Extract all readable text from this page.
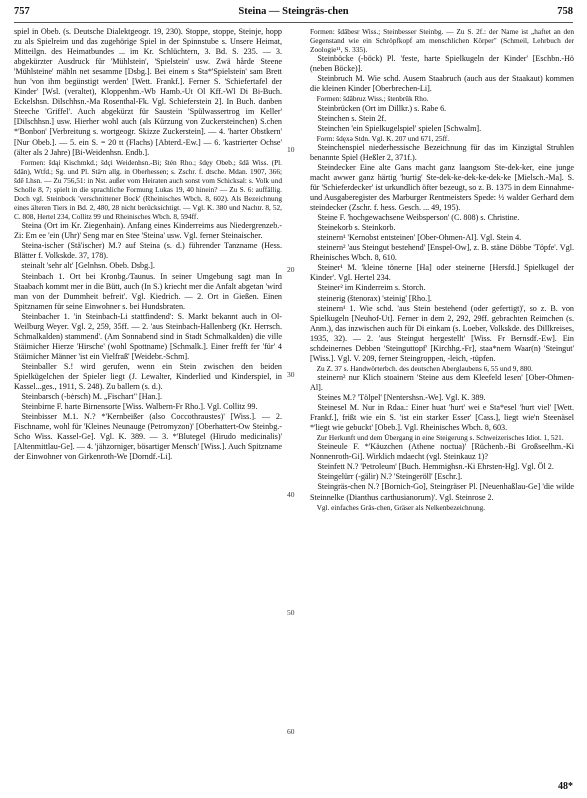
757	Steina — Steingräs-chen	758

spiel in Obeb. (s. Deutsche Dialektgeogr. 19, 230). Stoppe, stoppe, Steinje, hopp zu als Spielreim und das zugehörige Spiel in der Spinnstube s. Unsere Heimat, Mitteilgn. des Heimatbundes ... im Kr. Schlüchtern, 3. Bd. S. 235. — 3. abgekürzter Ausdruck für 'Mühlstein', 'Spielstein' usw. Zwä hårde Steene 'Mühlsteine' mähln net sesamme [Dsbg.]. Bei einem s Sta*'Spielstein' sam Brett hun 'von ihm begünstigt werden' [Wett. Frankf.]. Ferner S. 'Schiefertafel der Kinder' [Wsl. (veraltet), Kloppenhm.-Wb Hamb.-Ut Ol Kff.-Wl Di Bi-Buch. Eckelshsn. Dilschhsn.-Ma Rosenthal-Fk. Vgl. Schieferstein 2]. In Buch. danben Steeche 'Griffel'. Auch abgekürzt für Saustein 'Spülwassertrog im Keller' [Dilschhsn.] usw. Hierher wohl auch (als Kürzung von Zuckersteinchen) S.chen *'Bonbon' [Verbreitung s. wortgeogr. Skizze Zuckerstein]. — 4. 'harter Obstkern' [Nur Obeb.]. — 5. ein S. = 20 tt (Flachs) [Abterd.-Ew.] — 6. 'kastrierter Ochse' (älter als 2 Jahre) [Bi-Weidenhsn. Endb.].

Formen: šdąi Kischmkd.; šdçi Weidenhsn.-Bi; štén Rho.; šdęy Obeb.; šdā Wiss. (Pl. šdān), Wtfd.; Sg. und Pl. Stäᵉn allg. in Oberhessen; s. Zschr. f. dtsche. Mdan. 1907, 366; šdē Lhsn. — Zu 756,51: in Nst. außer vom Heiraten auch sonst vom Schicksal: s. Volk und Scholle 8, 7; spielt in die sprachliche Formung Lukas 19, 40 hinein? — Zu S. 6: auffällig. Doch vgl. Steinbock 'verschnittener Bock' (Rheinisches Wbch. 8, 602). Als Bezeichnung eines älteren Tiers in Bd. 2, 480, 28 nicht berücksichtigt. — Vgl. K. 380 und Nachtr. 8, 52, C. 808, Hertel 234, Collitz 99 und Rheinisches Wbch. 8, 594ff.

Steina (Ort im Kr. Ziegenhain). Anfang eines Kinderreims aus Niedergrenzeb.-Zi: Em ee 'ein (Uhr)' Seng mar en Stee 'Steina' usw. Vgl. ferner Steinaischer.

Steina-ischer (Stä'ischer) M.? auf Steina (s. d.) führender Tanzname (Hess. Blätter f. Volkskde. 37, 178).

steinalt 'sehr alt' [Gelnhsn. Obeb. Dsbg.].

Steinbach 1. Ort bei Kronbg./Taunus. In seiner Umgebung sagt man In Staabach kommt mer in die Bütt, auch (In S.) kriecht mer die Anfalt abgetan 'wird man von der Dummheit befreit'. Vgl. Kiedrich. — 2. Ort in Gießen. Einen Spitznamen für seine Einwohner s. bei Hundsbraten.

Steinbacher 1. 'in Steinbach-Li stattfindend': S. Markt bekannt auch in Ol-Weilburg Weyer. Vgl. 2, 259, 35ff. — 2. 'aus Steinbach-Hallenberg (Kr. Herrsch. Schmalkalden) stammend'. (Am Sonnabend sind in Stadt Schmalkalden) die ville Stäimicher Hierze 'Hirsche' (wohl Spottname) [Schmalk.]. Einer frefft fer 'für' 4 Stäimicher Männer 'ist ein Vielfraß' [Weidebr.-Schm].

Steinballer S.! wird gerufen, wenn ein Stein zwischen den beiden Spielkügelchen der Spieler liegt (J. Lewalter, Kinderlied und Kinderspiel, in Kassel...ges., 1911, S. 248). Zu ballern (s. d.).

Steinbarsch (-bėrsch) M. „Fischart" [Han.].

Steinbirne F. harte Birnensorte [Wiss. Walbern-Fr Rho.]. Vgl. Collitz 99.

Steinbisser M.1. N.? *'Kernbeißer (also Coccothraustes)' [Wiss.]. — 2. Fischname, wohl für 'Kleines Neunauge (Petromyzon)' [Oberhattert-Ow Steinbg.-Scho Wiss. Kassel-Ge]. Vgl. K. 389. — 3. *'Blutegel (Hirudo medicinalis)' [Altenmittlau-Ge]. — 4. 'jähzorniger, bösartiger Mensch' [Wiss.]. Auch Spitzname der Einwohner von Girkenroth-We [Dorndf.-Li].

Formen: šdâbesr Wiss.; Steinbesser Steinbg. — Zu S. 2f.: der Name ist „haftet an den Gegenstand wie ein Schröpfkopf am menschlichen Körper" (Schmeil, Lehrbuch der Zoologie¹¹, S. 335).

Steinböcke (-böck) Pl. 'feste, harte Spielkugeln der Kinder' [Eschbn.-Hö (neben Böcke)].

Steinbruch M. Wie schd. Ausem Staabruch (auch aus der Staakaut) kommen die kleinen Kinder [Oberbrechen-Li].

Formen: šdâbruz Wiss.; štenbrūk Rho.

Steinbrücken (Ort im Dillkr.) s. Rabe 6.

Steinchen s. Stein 2f.

Steinchen 'ein Spielkugelspiel' spielen [Schwalm].

Form: šdęxə Stdn. Vgl. K. 207 und 671, 25ff.

Steinchenspiel niederhessische Bezeichnung für das im Kinzigtal Struhlen benannte Spiel (Heßler 2, 371f.).

Steindecker Eine alte Gans macht ganz laangsom Ste-dek-ker, eine junge macht awwer ganz härtig 'hurtig' Ste-dek-ke-dek-ke-dek-ke [Mielsch.-Ma]. S. für 'Schieferdecker' ist urkundlich öfter bezeugt, so z. B. 1375 in dem Einnahme- und Ausgaberegister des Marburger Rentmeisters Spede: ½ walder Gerhard dem steindecker (Zschr. f. hess. Gesch. ... 49, 195).

Steine F. 'hochgewachsene Weibsperson' (C. 808) s. Christine.

Steinekorb s. Steinkorb.

steinern¹ 'Kernobst entsteinen' [Ober-Ohmen-Al]. Vgl. Stein 4.

steinern² 'aus Steingut bestehend' [Enspel-Ow], z. B. stäne Döbbe 'Töpfe'. Vgl. Rheinisches Wbch. 8, 610.

Steiner¹ M. 'kleine tönerne [Ha] oder steinerne [Hersfd.] Spielkugel der Kinder'. Vgl. Hertel 234.

Steiner² im Kinderreim s. Storch.

steinerig (štenorax) 'steinig' [Rho.].

steinern¹ 1. Wie schd. 'aus Stein bestehend (oder gefertigt)', so z. B. von Spielkugeln [Neuhof-Ut]. Ferner in dem 2, 292, 29ff. gebrachten Reimchen (s. Anm.), das inzwischen auch für Di einkam (s. Loeber, Volkskde. des Dillkreises, 1935, 32). — 2. 'aus Steingut hergestellt' [Wiss. Fr Bernsdf.-Ew]. Ein schdeinernes Debben 'Steinguttopf' [Kirchhg.-Fr], staa*nern Waar(n) 'Steingut' [Wiss.]. Vgl. V. 209, ferner Steingroppen, -leich, -tüpfen.

Zu Z. 37 s. Handwörterbch. des deutschen Aberglaubens 6, 55 und 9, 880.

steinern² nur Klich stoainern 'Steine aus dem Kleefeld lesen' [Ober-Ohmen-Al].

Steines M.? 'Tölpel' [Nentershsn.-We]. Vgl. K. 389.

Steinesel M. Nur in Rdaa.: Einer huat 'hurt' wei e Sta*esel 'hurt viel' [Wett. Frankf.], frißt wie ein S. 'ist ein starker Esser' [Cass.], liegt wie'n Steenäsel *'liegt wie gebuckt' [Obeb.]. Vgl. Rheinisches Wbch. 8, 603.

Zur Herkunft und dem Übergang in eine Steigerung s. Schweizerisches Idiot. 1, 521.

Steineule F. *'Käuzchen (Athene noctua)' [Rüchenb.-Bi Großseelhm.-Ki Nonnenroth-Gi]. Wirklich mdaecht (vgl. Steinkauz 1)?

Steinfett N.? 'Petroleum' [Buch. Hemmighsn.-Ki Ehrsten-Hg]. Vgl. Öl 2.

Steingelürr (-gälir) N.? 'Steingeröll' [Eschr.].

Steingräs-chen N.? [Bornich-Go], Steingräser Pl. [Neuenhaßlau-Ge] 'die wilde Steinnelke (Dianthus carthusianorum)'. Vgl. Steinrose 2.

Vgl. einfaches Gräs-chen, Gräser als Nelkenbezeichnung.

10
20
30
40
50
60
48*
